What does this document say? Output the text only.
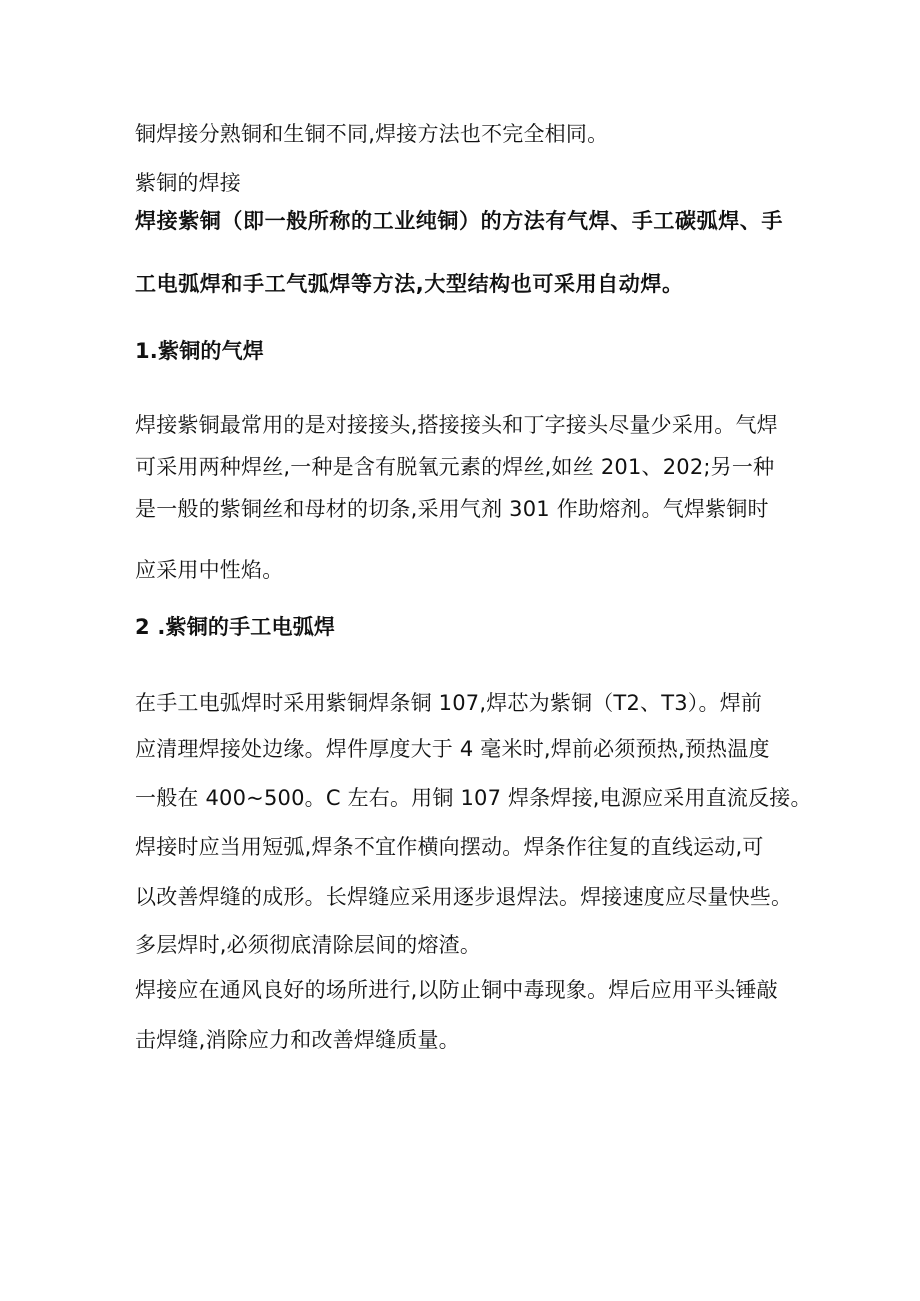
铜焊接分熟铜和生铜不同,焊接方法也不完全相同。
紫铜的焊接
焊接紫铜（即一般所称的工业纯铜）的方法有气焊、手工碳弧焊、手
工电弧焊和手工气弧焊等方法,大型结构也可采用自动焊。
1.紫铜的气焊
焊接紫铜最常用的是对接接头,搭接接头和丁字接头尽量少采用。气焊
可采用两种焊丝,一种是含有脱氧元素的焊丝,如丝 201、202;另一种
是一般的紫铜丝和母材的切条,采用气剂 301 作助熔剂。气焊紫铜时
应采用中性焰。
2 .紫铜的手工电弧焊
在手工电弧焊时采用紫铜焊条铜 107,焊芯为紫铜（T2、T3）。焊前
应清理焊接处边缘。焊件厚度大于 4 毫米时,焊前必须预热,预热温度
一般在 400~500。C 左右。用铜 107 焊条焊接,电源应采用直流反接。
焊接时应当用短弧,焊条不宜作横向摆动。焊条作往复的直线运动,可
以改善焊缝的成形。长焊缝应采用逐步退焊法。焊接速度应尽量快些。
多层焊时,必须彻底清除层间的熔渣。
焊接应在通风良好的场所进行,以防止铜中毒现象。焊后应用平头锤敲
击焊缝,消除应力和改善焊缝质量。
